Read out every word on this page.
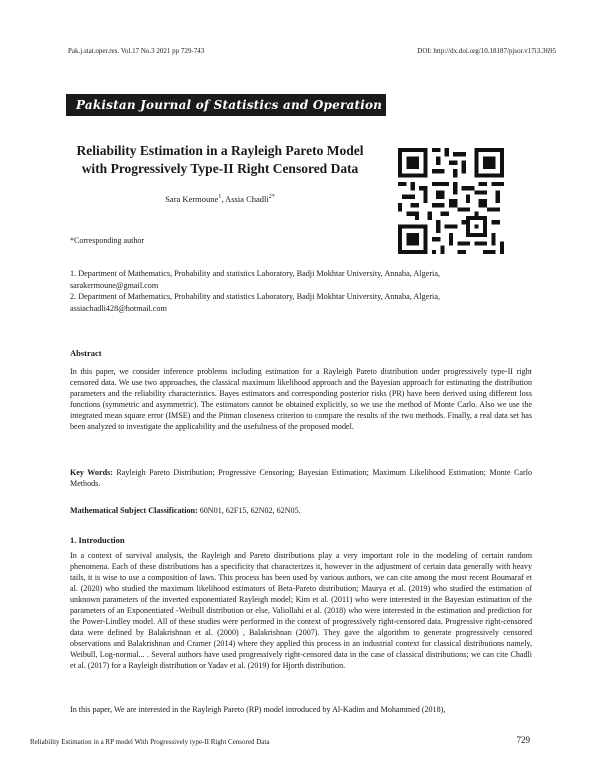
Pak.j.stat.oper.res. Vol.17 No.3 2021 pp 729-743	DOI: http://dx.doi.org/10.18187/pjsor.v17i3.3695
Pakistan Journal of Statistics and Operation Research
Reliability Estimation in a Rayleigh Pareto Model
with Progressively Type-II Right Censored Data
Sara Kermoune$^1$, Assia Chadli$^{2*}$
*Corresponding author
1. Department of Mathematics, Probability and statistics Laboratory, Badji Mokhtar University, Annaba, Algeria,
sarakermoune@gmail.com
2. Department of Mathematics, Probability and statistics Laboratory, Badji Mokhtar University, Annaba, Algeria,
assiachadli428@hotmail.com
Abstract
In this paper, we consider inference problems including estimation for a Rayleigh Pareto distribution under progressively type-II right censored data. We use two approaches, the classical maximum likelihood approach and the Bayesian approach for estimating the distribution parameters and the reliability characteristics. Bayes estimators and corresponding posterior risks (PR) have been derived using different loss functions (symmetric and asymmetric). The estimators cannot be obtained explicitly, so we use the method of Monte Carlo. Also we use the integrated mean square error (IMSE) and the Pitman closeness criterion to compare the results of the two methods. Finally, a real data set has been analyzed to investigate the applicability and the usefulness of the proposed model.
Key Words: Rayleigh Pareto Distribution; Progressive Censoring; Bayesian Estimation; Maximum Likelihood Estimation; Monte Carlo Methods.
Mathematical Subject Classification: 60N01, 62F15, 62N02, 62N05.
1. Introduction
In a context of survival analysis, the Rayleigh and Pareto distributions play a very important role in the modeling of certain random phenomena. Each of these distributions has a specificity that characterizes it, however in the adjustment of certain data generally with heavy tails, it is wise to use a composition of laws. This process has been used by various authors, we can cite among the most recent Boumaraf et al. (2020) who studied the maximum likelihood estimators of Beta-Pareto distribution; Maurya et al. (2019) who studied the estimation of unknown parameters of the inverted exponentiated Rayleigh model; Kim et al. (2011) who were interested in the Bayesian estimation of the parameters of an Exponentiated -Weibull distribution or else, Valiollahi et al. (2018) who were interested in the estimation and prediction for the Power-Lindley model. All of these studies were performed in the context of progressively right-censored data. Progressive right-censored data were defined by Balakrishnan et al. (2000) , Balakrishnan (2007). They gave the algorithm to generate progressively censored observations and Balakrishnan and Cramer (2014) where they applied this process in an industrial context for classical distributions namely, Weibull, Log-normal... . Several authors have used progressively right-censored data in the case of classical distributions; we can cite Chadli et al. (2017) for a Rayleigh distribution or Yadav et al. (2019) for Hjorth distribution.
In this paper, We are interested in the Rayleigh Pareto (RP) model introduced by Al-Kadim and Mohammed (2018),
Reliability Estimation in a RP model With Progressively type-II Right Censored Data	729
